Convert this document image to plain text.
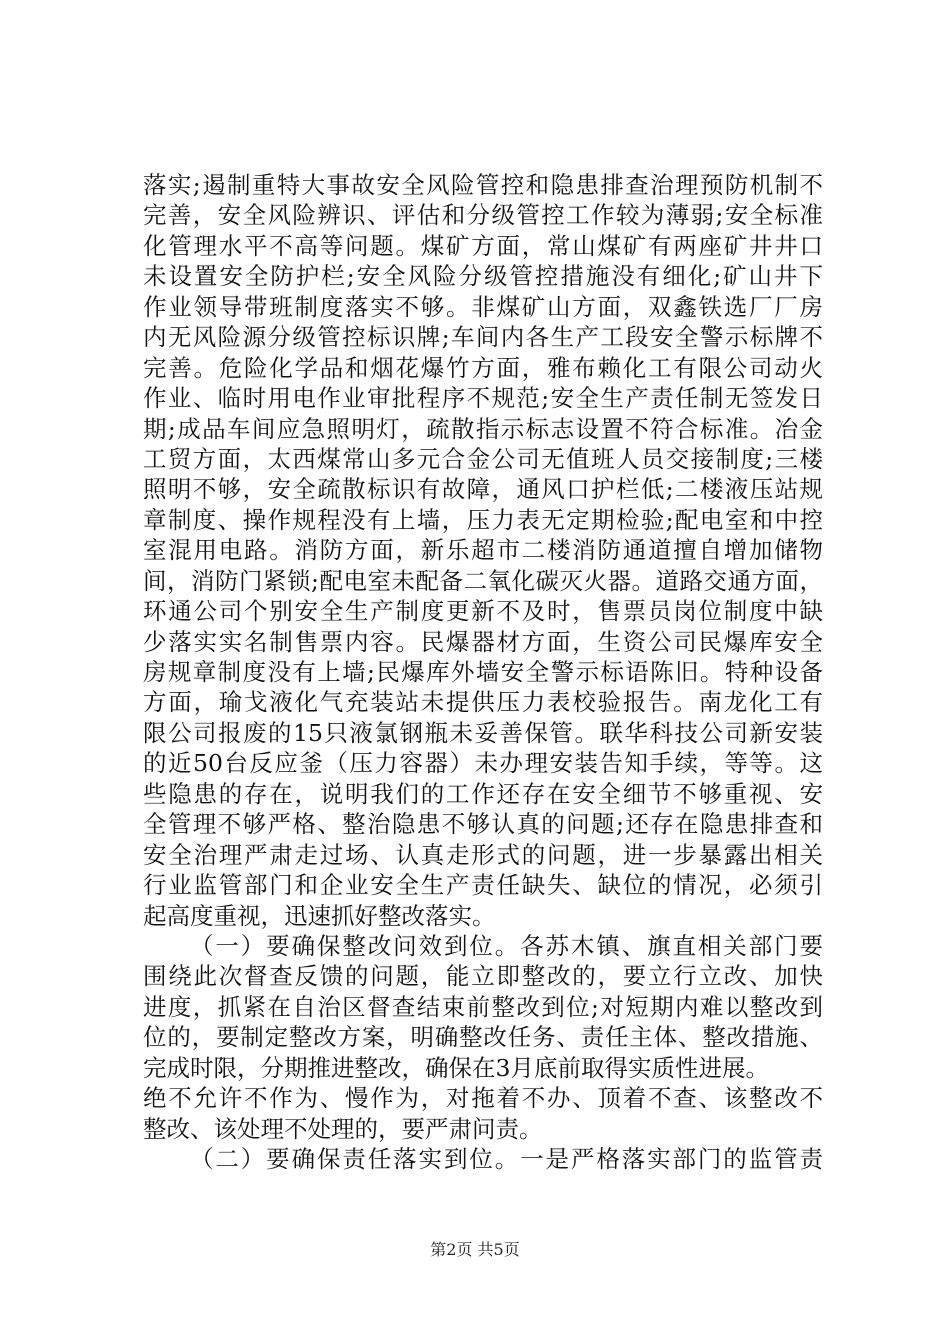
落实;遏制重特大事故安全风险管控和隐患排查治理预防机制不
完善，安全风险辨识、评估和分级管控工作较为薄弱;安全标准
化管理水平不高等问题。煤矿方面，常山煤矿有两座矿井井口
未设置安全防护栏;安全风险分级管控措施没有细化;矿山井下
作业领导带班制度落实不够。非煤矿山方面，双鑫铁选厂厂房
内无风险源分级管控标识牌;车间内各生产工段安全警示标牌不
完善。危险化学品和烟花爆竹方面，雅布赖化工有限公司动火
作业、临时用电作业审批程序不规范;安全生产责任制无签发日
期;成品车间应急照明灯，疏散指示标志设置不符合标准。冶金
工贸方面，太西煤常山多元合金公司无值班人员交接制度;三楼
照明不够，安全疏散标识有故障，通风口护栏低;二楼液压站规
章制度、操作规程没有上墙，压力表无定期检验;配电室和中控
室混用电路。消防方面，新乐超市二楼消防通道擅自增加储物
间，消防门紧锁;配电室未配备二氧化碳灭火器。道路交通方面，
环通公司个别安全生产制度更新不及时，售票员岗位制度中缺
少落实实名制售票内容。民爆器材方面，生资公司民爆库安全
房规章制度没有上墙;民爆库外墙安全警示标语陈旧。特种设备
方面，瑜戈液化气充装站未提供压力表校验报告。南龙化工有
限公司报废的15只液氯钢瓶未妥善保管。联华科技公司新安装
的近50台反应釜（压力容器）未办理安装告知手续，等等。这
些隐患的存在，说明我们的工作还存在安全细节不够重视、安
全管理不够严格、整治隐患不够认真的问题;还存在隐患排查和
安全治理严肃走过场、认真走形式的问题，进一步暴露出相关
行业监管部门和企业安全生产责任缺失、缺位的情况，必须引
起高度重视，迅速抓好整改落实。
（一）要确保整改问效到位。各苏木镇、旗直相关部门要
围绕此次督查反馈的问题，能立即整改的，要立行立改、加快
进度，抓紧在自治区督查结束前整改到位;对短期内难以整改到
位的，要制定整改方案，明确整改任务、责任主体、整改措施、
完成时限，分期推进整改，确保在3月底前取得实质性进展。
绝不允许不作为、慢作为，对拖着不办、顶着不查、该整改不
整改、该处理不处理的，要严肃问责。
（二）要确保责任落实到位。一是严格落实部门的监管责
第2页 共5页
